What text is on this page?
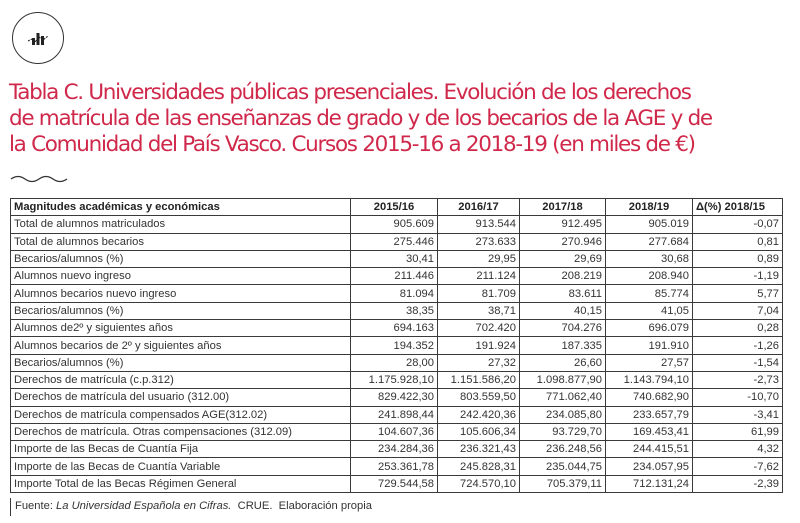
Tabla C. Universidades públicas presenciales. Evolución de los derechos
de matrícula de las enseñanzas de grado y de los becarios de la AGE y de
la Comunidad del País Vasco. Cursos 2015-16 a 2018-19 (en miles de €)
Magnitudes académicas y económicas	2015/16	2016/17	2017/18	2018/19	Δ(%) 2018/15
Total de alumnos matriculados	905.609	913.544	912.495	905.019	-0,07
Total de alumnos becarios	275.446	273.633	270.946	277.684	0,81
Becarios/alumnos (%)	30,41	29,95	29,69	30,68	0,89
Alumnos nuevo ingreso	211.446	211.124	208.219	208.940	-1,19
Alumnos becarios nuevo ingreso	81.094	81.709	83.611	85.774	5,77
Becarios/alumnos (%)	38,35	38,71	40,15	41,05	7,04
Alumnos de2º y siguientes años	694.163	702.420	704.276	696.079	0,28
Alumnos becarios de 2º y siguientes años	194.352	191.924	187.335	191.910	-1,26
Becarios/alumnos (%)	28,00	27,32	26,60	27,57	-1,54
Derechos de matrícula (c.p.312)	1.175.928,10	1.151.586,20	1.098.877,90	1.143.794,10	-2,73
Derechos de matrícula del usuario (312.00)	829.422,30	803.559,50	771.062,40	740.682,90	-10,70
Derechos de matrícula compensados AGE(312.02)	241.898,44	242.420,36	234.085,80	233.657,79	-3,41
Derechos de matrícula. Otras compensaciones (312.09)	104.607,36	105.606,34	93.729,70	169.453,41	61,99
Importe de las Becas de Cuantía Fija	234.284,36	236.321,43	236.248,56	244.415,51	4,32
Importe de las Becas de Cuantía Variable	253.361,78	245.828,31	235.044,75	234.057,95	-7,62
Importe Total de las Becas Régimen General	729.544,58	724.570,10	705.379,11	712.131,24	-2,39
Fuente: La Universidad Española en Cifras.  CRUE.  Elaboración propia
